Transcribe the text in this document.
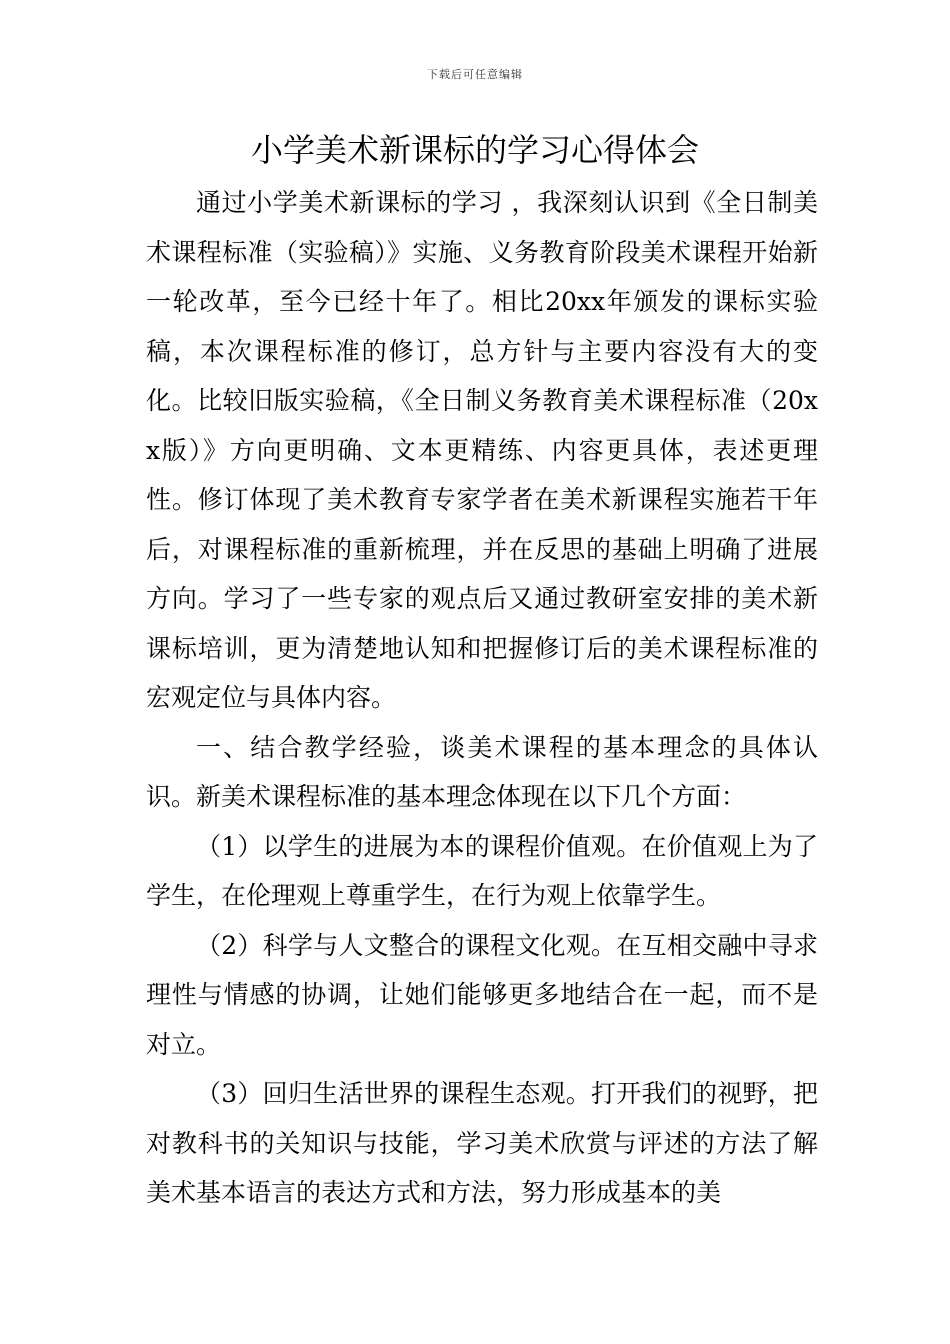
下载后可任意编辑
小学美术新课标的学习心得体会

通过小学美术新课标的学习 ，我深刻认识到《全日制美术课程标准（实验稿）》实施、义务教育阶段美术课程开始新一轮改革，至今已经十年了。相比20xx年颁发的课标实验稿，本次课程标准的修订，总方针与主要内容没有大的变化。比较旧版实验稿，《全日制义务教育美术课程标准（20xx版）》方向更明确、文本更精练、内容更具体，表述更理性。修订体现了美术教育专家学者在美术新课程实施若干年后，对课程标准的重新梳理，并在反思的基础上明确了进展方向。学习了一些专家的观点后又通过教研室安排的美术新课标培训，更为清楚地认知和把握修订后的美术课程标准的宏观定位与具体内容。

一、结合教学经验，谈美术课程的基本理念的具体认识。新美术课程标准的基本理念体现在以下几个方面：

（1）以学生的进展为本的课程价值观。在价值观上为了学生，在伦理观上尊重学生，在行为观上依靠学生。

（2）科学与人文整合的课程文化观。在互相交融中寻求理性与情感的协调，让她们能够更多地结合在一起，而不是对立。

（3）回归生活世界的课程生态观。打开我们的视野，把对教科书的关知识与技能，学习美术欣赏与评述的方法了解美术基本语言的表达方式和方法，努力形成基本的美
